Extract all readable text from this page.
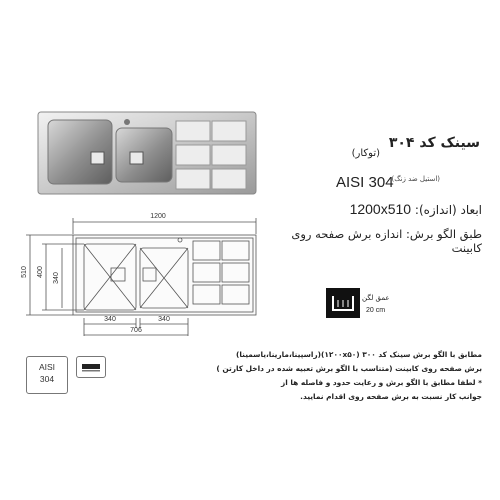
1200
510 400
340
340	340
706
سینک کد ۳۰۴
(توکار)
(استیل ضد زنگ)
AISI 304
ابعاد (اندازه): 1200x510
طبق الگو برش: اندازه برش صفحه روی کابینت
عمق لگن
20 cm
AISI
304
مطابق با الگو برش سینک کد ۳۰۰ (۱۲۰۰x۵۰)(راسپینا،مارینا،یاسمینا)
برش صفحه روی کابینت (متناسب با الگو برش تعبیه شده در داخل کارتن )
* لطفا مطابق با الگو برش و رعایت حدود و فاصله ها از
جوانب کار نسبت به برش صفحه روی اقدام نمایید.
